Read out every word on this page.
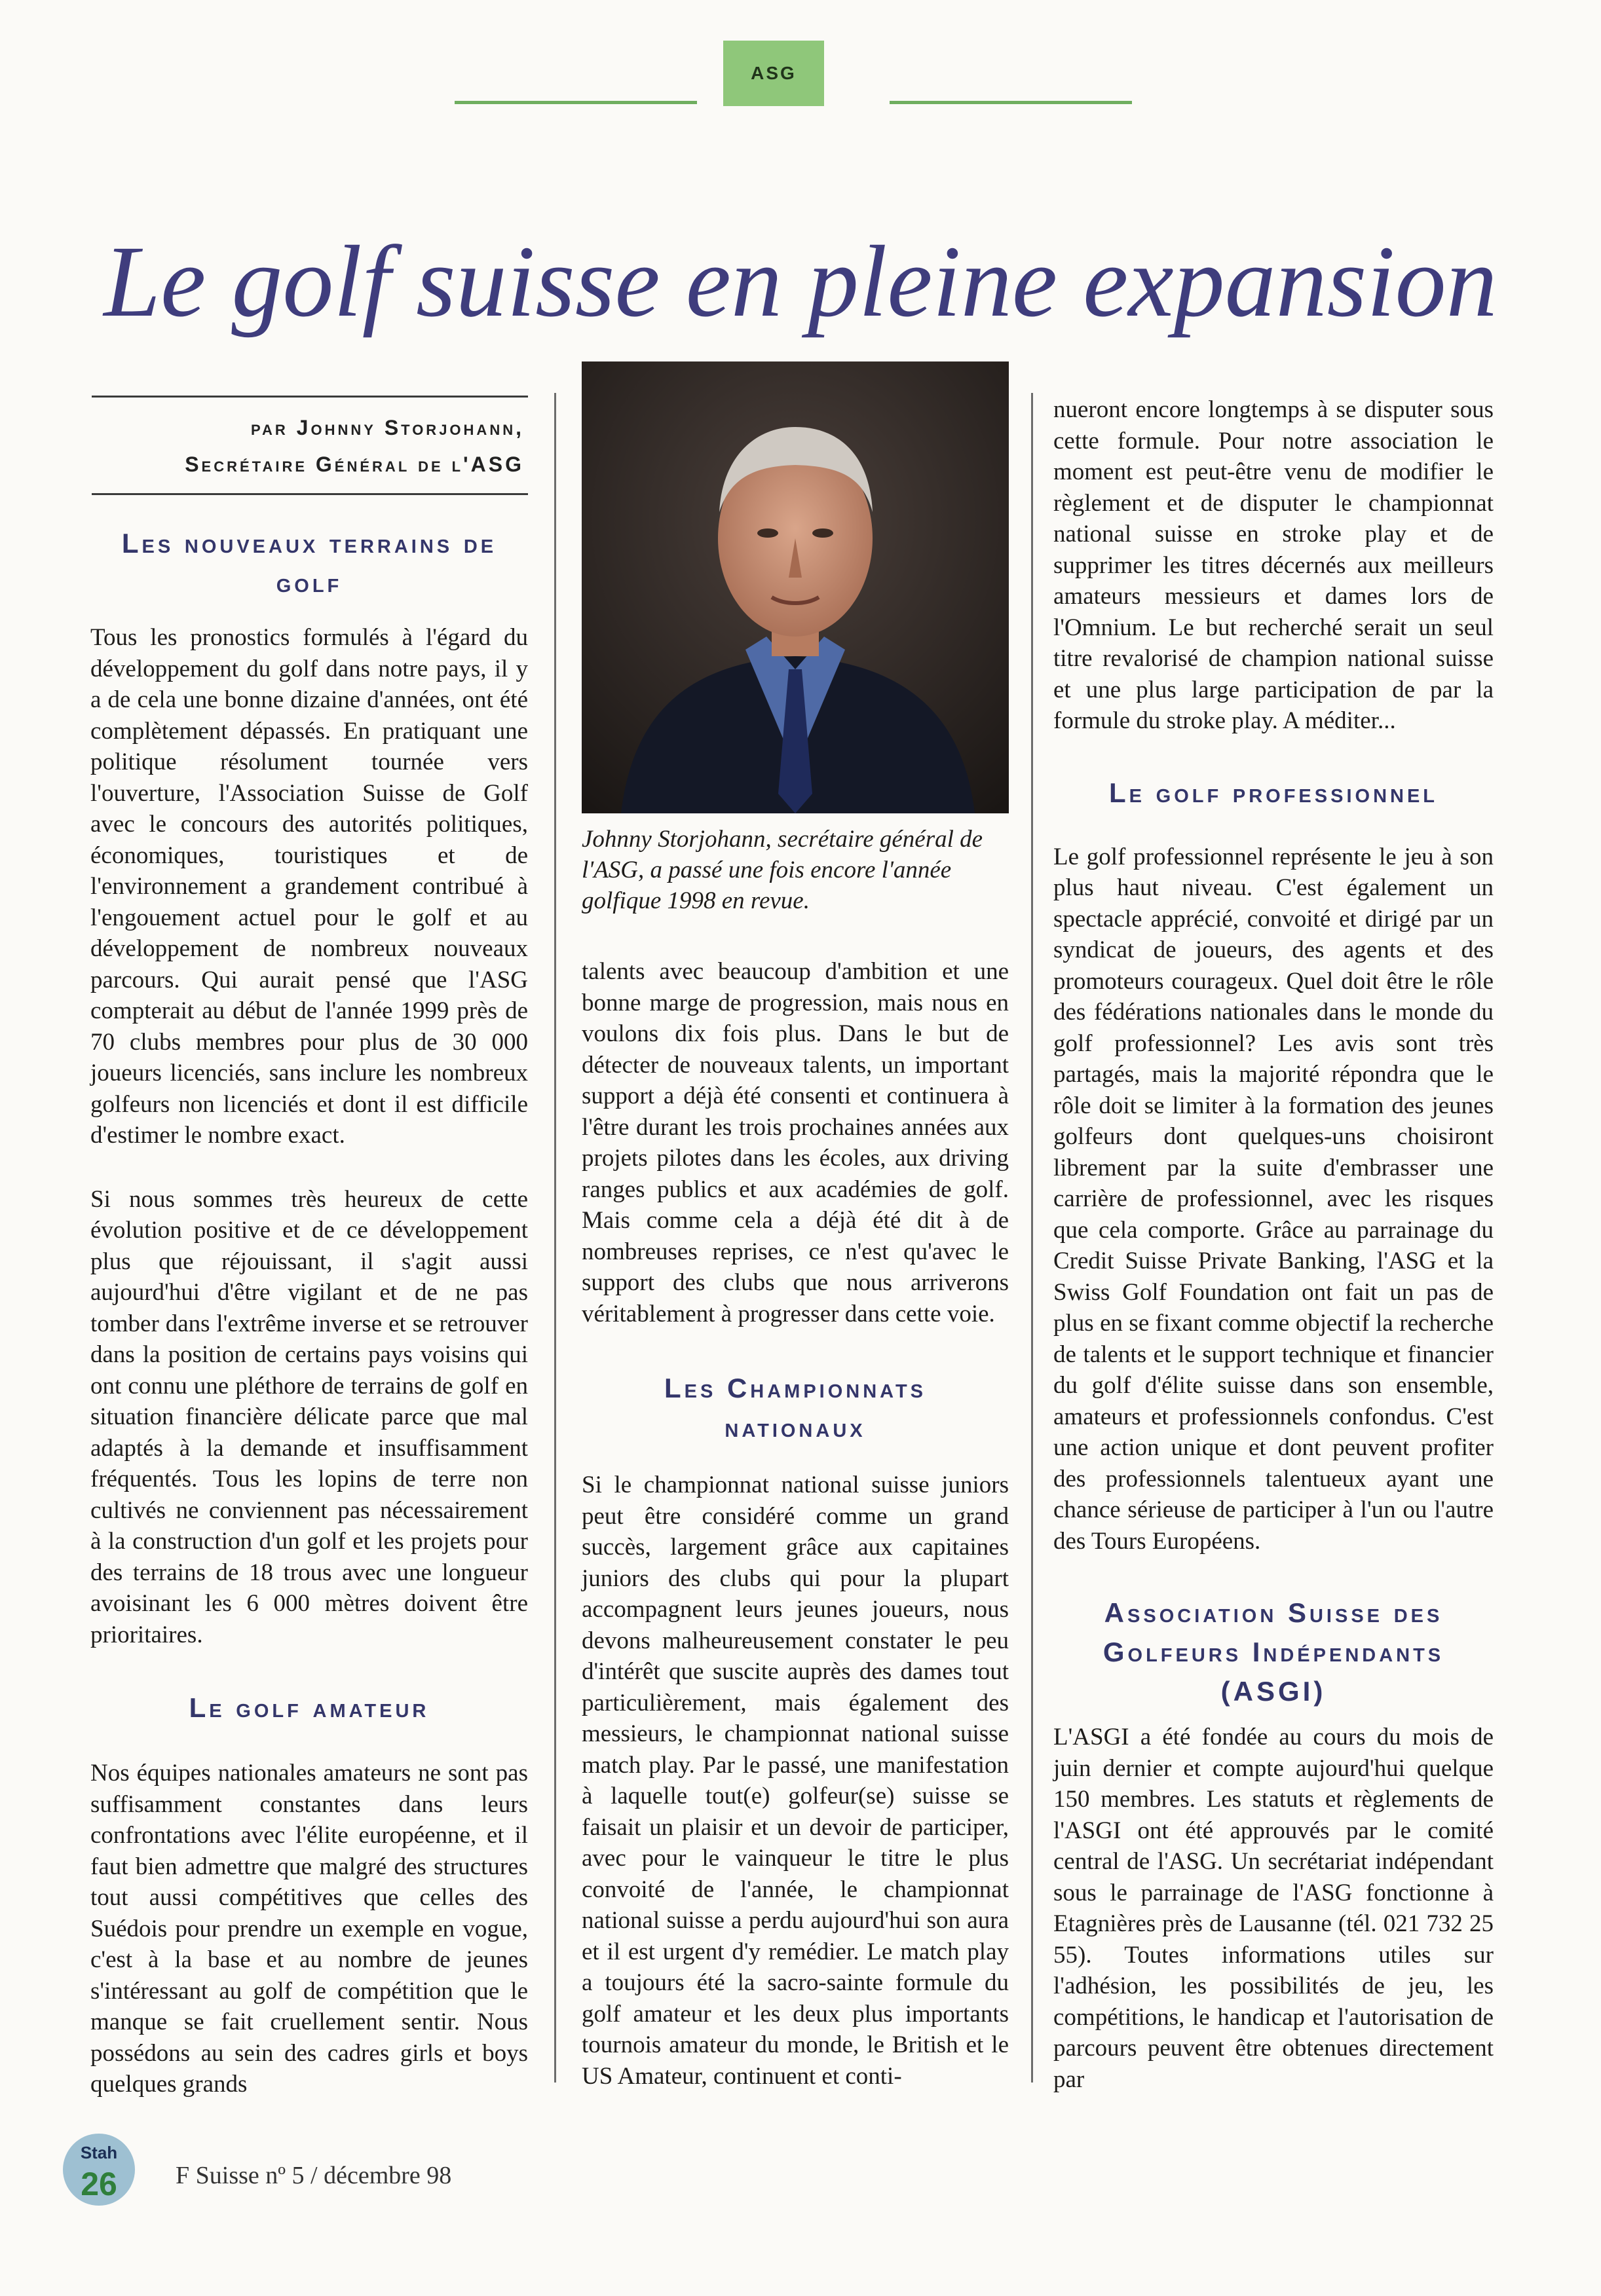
ASG
Le golf suisse en pleine expansion
par Johnny Storjohann,
Secrétaire Général de l'ASG
Les nouveaux terrains de golf

Tous les pronostics formulés à l'égard du développement du golf dans notre pays, il y a de cela une bonne dizaine d'années, ont été complètement dépassés. En pratiquant une politique résolument tournée vers l'ouverture, l'Association Suisse de Golf avec le concours des autorités politiques, économiques, touristiques et de l'environnement a grandement contribué à l'engouement actuel pour le golf et au développement de nombreux nouveaux parcours. Qui aurait pensé que l'ASG compterait au début de l'année 1999 près de 70 clubs membres pour plus de 30 000 joueurs licenciés, sans inclure les nombreux golfeurs non licenciés et dont il est difficile d'estimer le nombre exact.

Si nous sommes très heureux de cette évolution positive et de ce développement plus que réjouissant, il s'agit aussi aujourd'hui d'être vigilant et de ne pas tomber dans l'extrême inverse et se retrouver dans la position de certains pays voisins qui ont connu une pléthore de terrains de golf en situation financière délicate parce que mal adaptés à la demande et insuffisamment fréquentés. Tous les lopins de terre non cultivés ne conviennent pas nécessairement à la construction d'un golf et les projets pour des terrains de 18 trous avec une longueur avoisinant les 6 000 mètres doivent être prioritaires.

Le golf amateur

Nos équipes nationales amateurs ne sont pas suffisamment constantes dans leurs confrontations avec l'élite européenne, et il faut bien admettre que malgré des structures tout aussi compétitives que celles des Suédois pour prendre un exemple en vogue, c'est à la base et au nombre de jeunes s'intéressant au golf de compétition que le manque se fait cruellement sentir. Nous possédons au sein des cadres girls et boys quelques grands

Johnny Storjohann, secrétaire général de l'ASG, a passé une fois encore l'année golfique 1998 en revue.

talents avec beaucoup d'ambition et une bonne marge de progression, mais nous en voulons dix fois plus. Dans le but de détecter de nouveaux talents, un important support a déjà été consenti et continuera à l'être durant les trois prochaines années aux projets pilotes dans les écoles, aux driving ranges publics et aux académies de golf. Mais comme cela a déjà été dit à de nombreuses reprises, ce n'est qu'avec le support des clubs que nous arriverons véritablement à progresser dans cette voie.

Les Championnats nationaux

Si le championnat national suisse juniors peut être considéré comme un grand succès, largement grâce aux capitaines juniors des clubs qui pour la plupart accompagnent leurs jeunes joueurs, nous devons malheureusement constater le peu d'intérêt que suscite auprès des dames tout particulièrement, mais également des messieurs, le championnat national suisse match play. Par le passé, une manifestation à laquelle tout(e) golfeur(se) suisse se faisait un plaisir et un devoir de participer, avec pour le vainqueur le titre le plus convoité de l'année, le championnat national suisse a perdu aujourd'hui son aura et il est urgent d'y remédier. Le match play a toujours été la sacro-sainte formule du golf amateur et les deux plus importants tournois amateur du monde, le British et le US Amateur, continuent et conti-

nueront encore longtemps à se disputer sous cette formule. Pour notre association le moment est peut-être venu de modifier le règlement et de disputer le championnat national suisse en stroke play et de supprimer les titres décernés aux meilleurs amateurs messieurs et dames lors de l'Omnium. Le but recherché serait un seul titre revalorisé de champion national suisse et une plus large participation de par la formule du stroke play. A méditer...

Le golf professionnel

Le golf professionnel représente le jeu à son plus haut niveau. C'est également un spectacle apprécié, convoité et dirigé par un syndicat de joueurs, des agents et des promoteurs courageux. Quel doit être le rôle des fédérations nationales dans le monde du golf professionnel? Les avis sont très partagés, mais la majorité répondra que le rôle doit se limiter à la formation des jeunes golfeurs dont quelques-uns choisiront librement par la suite d'embrasser une carrière de professionnel, avec les risques que cela comporte. Grâce au parrainage du Credit Suisse Private Banking, l'ASG et la Swiss Golf Foundation ont fait un pas de plus en se fixant comme objectif la recherche de talents et le support technique et financier du golf d'élite suisse dans son ensemble, amateurs et professionnels confondus. C'est une action unique et dont peuvent profiter des professionnels talentueux ayant une chance sérieuse de participer à l'un ou l'autre des Tours Européens.

Association Suisse des Golfeurs Indépendants (ASGI)

L'ASGI a été fondée au cours du mois de juin dernier et compte aujourd'hui quelque 150 membres. Les statuts et règlements de l'ASGI ont été approuvés par le comité central de l'ASG. Un secrétariat indépendant sous le parrainage de l'ASG fonctionne à Etagnières près de Lausanne (tél. 021 732 25 55). Toutes informations utiles sur l'adhésion, les possibilités de jeu, les compétitions, le handicap et l'autorisation de parcours peuvent être obtenues directement par

Stah
26	F Suisse nº 5 / décembre 98
